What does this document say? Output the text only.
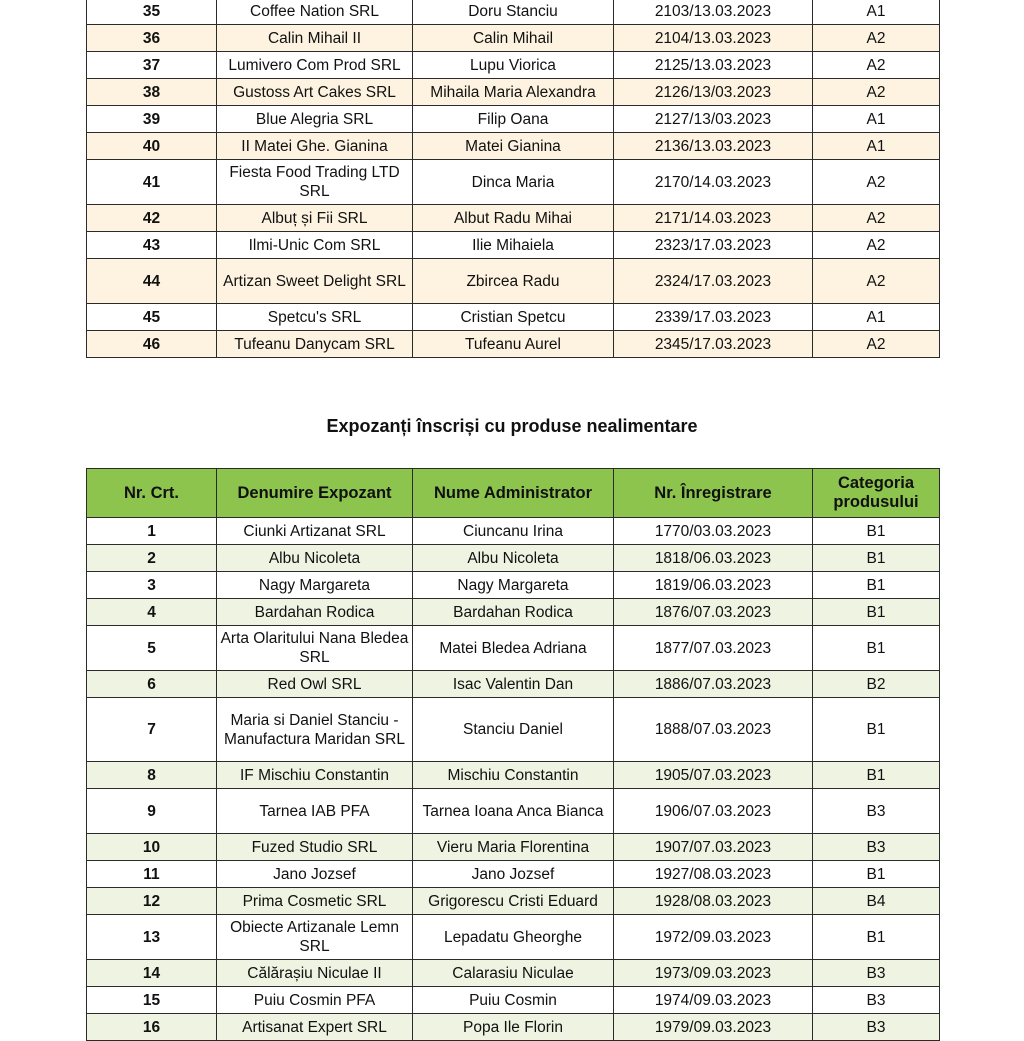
35	Coffee Nation SRL	Doru Stanciu	2103/13.03.2023	A1
36	Calin Mihail II	Calin Mihail	2104/13.03.2023	A2
37	Lumivero Com Prod SRL	Lupu Viorica	2125/13.03.2023	A2
38	Gustoss Art Cakes SRL	Mihaila Maria Alexandra	2126/13/03.2023	A2
39	Blue Alegria SRL	Filip Oana	2127/13/03.2023	A1
40	II Matei Ghe. Gianina	Matei Gianina	2136/13.03.2023	A1
41	Fiesta Food Trading LTD SRL	Dinca Maria	2170/14.03.2023	A2
42	Albuț și Fii SRL	Albut Radu Mihai	2171/14.03.2023	A2
43	Ilmi-Unic Com SRL	Ilie Mihaiela	2323/17.03.2023	A2
44	Artizan Sweet Delight SRL	Zbircea Radu	2324/17.03.2023	A2
45	Spetcu's SRL	Cristian Spetcu	2339/17.03.2023	A1
46	Tufeanu Danycam SRL	Tufeanu Aurel	2345/17.03.2023	A2
Expozanți înscriși cu produse nealimentare
Nr. Crt.	Denumire Expozant	Nume Administrator	Nr. Înregistrare	Categoria produsului
1	Ciunki Artizanat SRL	Ciuncanu Irina	1770/03.03.2023	B1
2	Albu Nicoleta	Albu Nicoleta	1818/06.03.2023	B1
3	Nagy Margareta	Nagy Margareta	1819/06.03.2023	B1
4	Bardahan Rodica	Bardahan Rodica	1876/07.03.2023	B1
5	Arta Olaritului Nana Bledea SRL	Matei Bledea Adriana	1877/07.03.2023	B1
6	Red Owl SRL	Isac Valentin Dan	1886/07.03.2023	B2
7	Maria si Daniel Stanciu - Manufactura Maridan SRL	Stanciu Daniel	1888/07.03.2023	B1
8	IF Mischiu Constantin	Mischiu Constantin	1905/07.03.2023	B1
9	Tarnea IAB PFA	Tarnea Ioana Anca Bianca	1906/07.03.2023	B3
10	Fuzed Studio SRL	Vieru Maria Florentina	1907/07.03.2023	B3
11	Jano Jozsef	Jano Jozsef	1927/08.03.2023	B1
12	Prima Cosmetic SRL	Grigorescu Cristi Eduard	1928/08.03.2023	B4
13	Obiecte Artizanale Lemn SRL	Lepadatu Gheorghe	1972/09.03.2023	B1
14	Călărașiu Niculae II	Calarasiu Niculae	1973/09.03.2023	B3
15	Puiu Cosmin PFA	Puiu Cosmin	1974/09.03.2023	B3
16	Artisanat Expert SRL	Popa Ile Florin	1979/09.03.2023	B3
